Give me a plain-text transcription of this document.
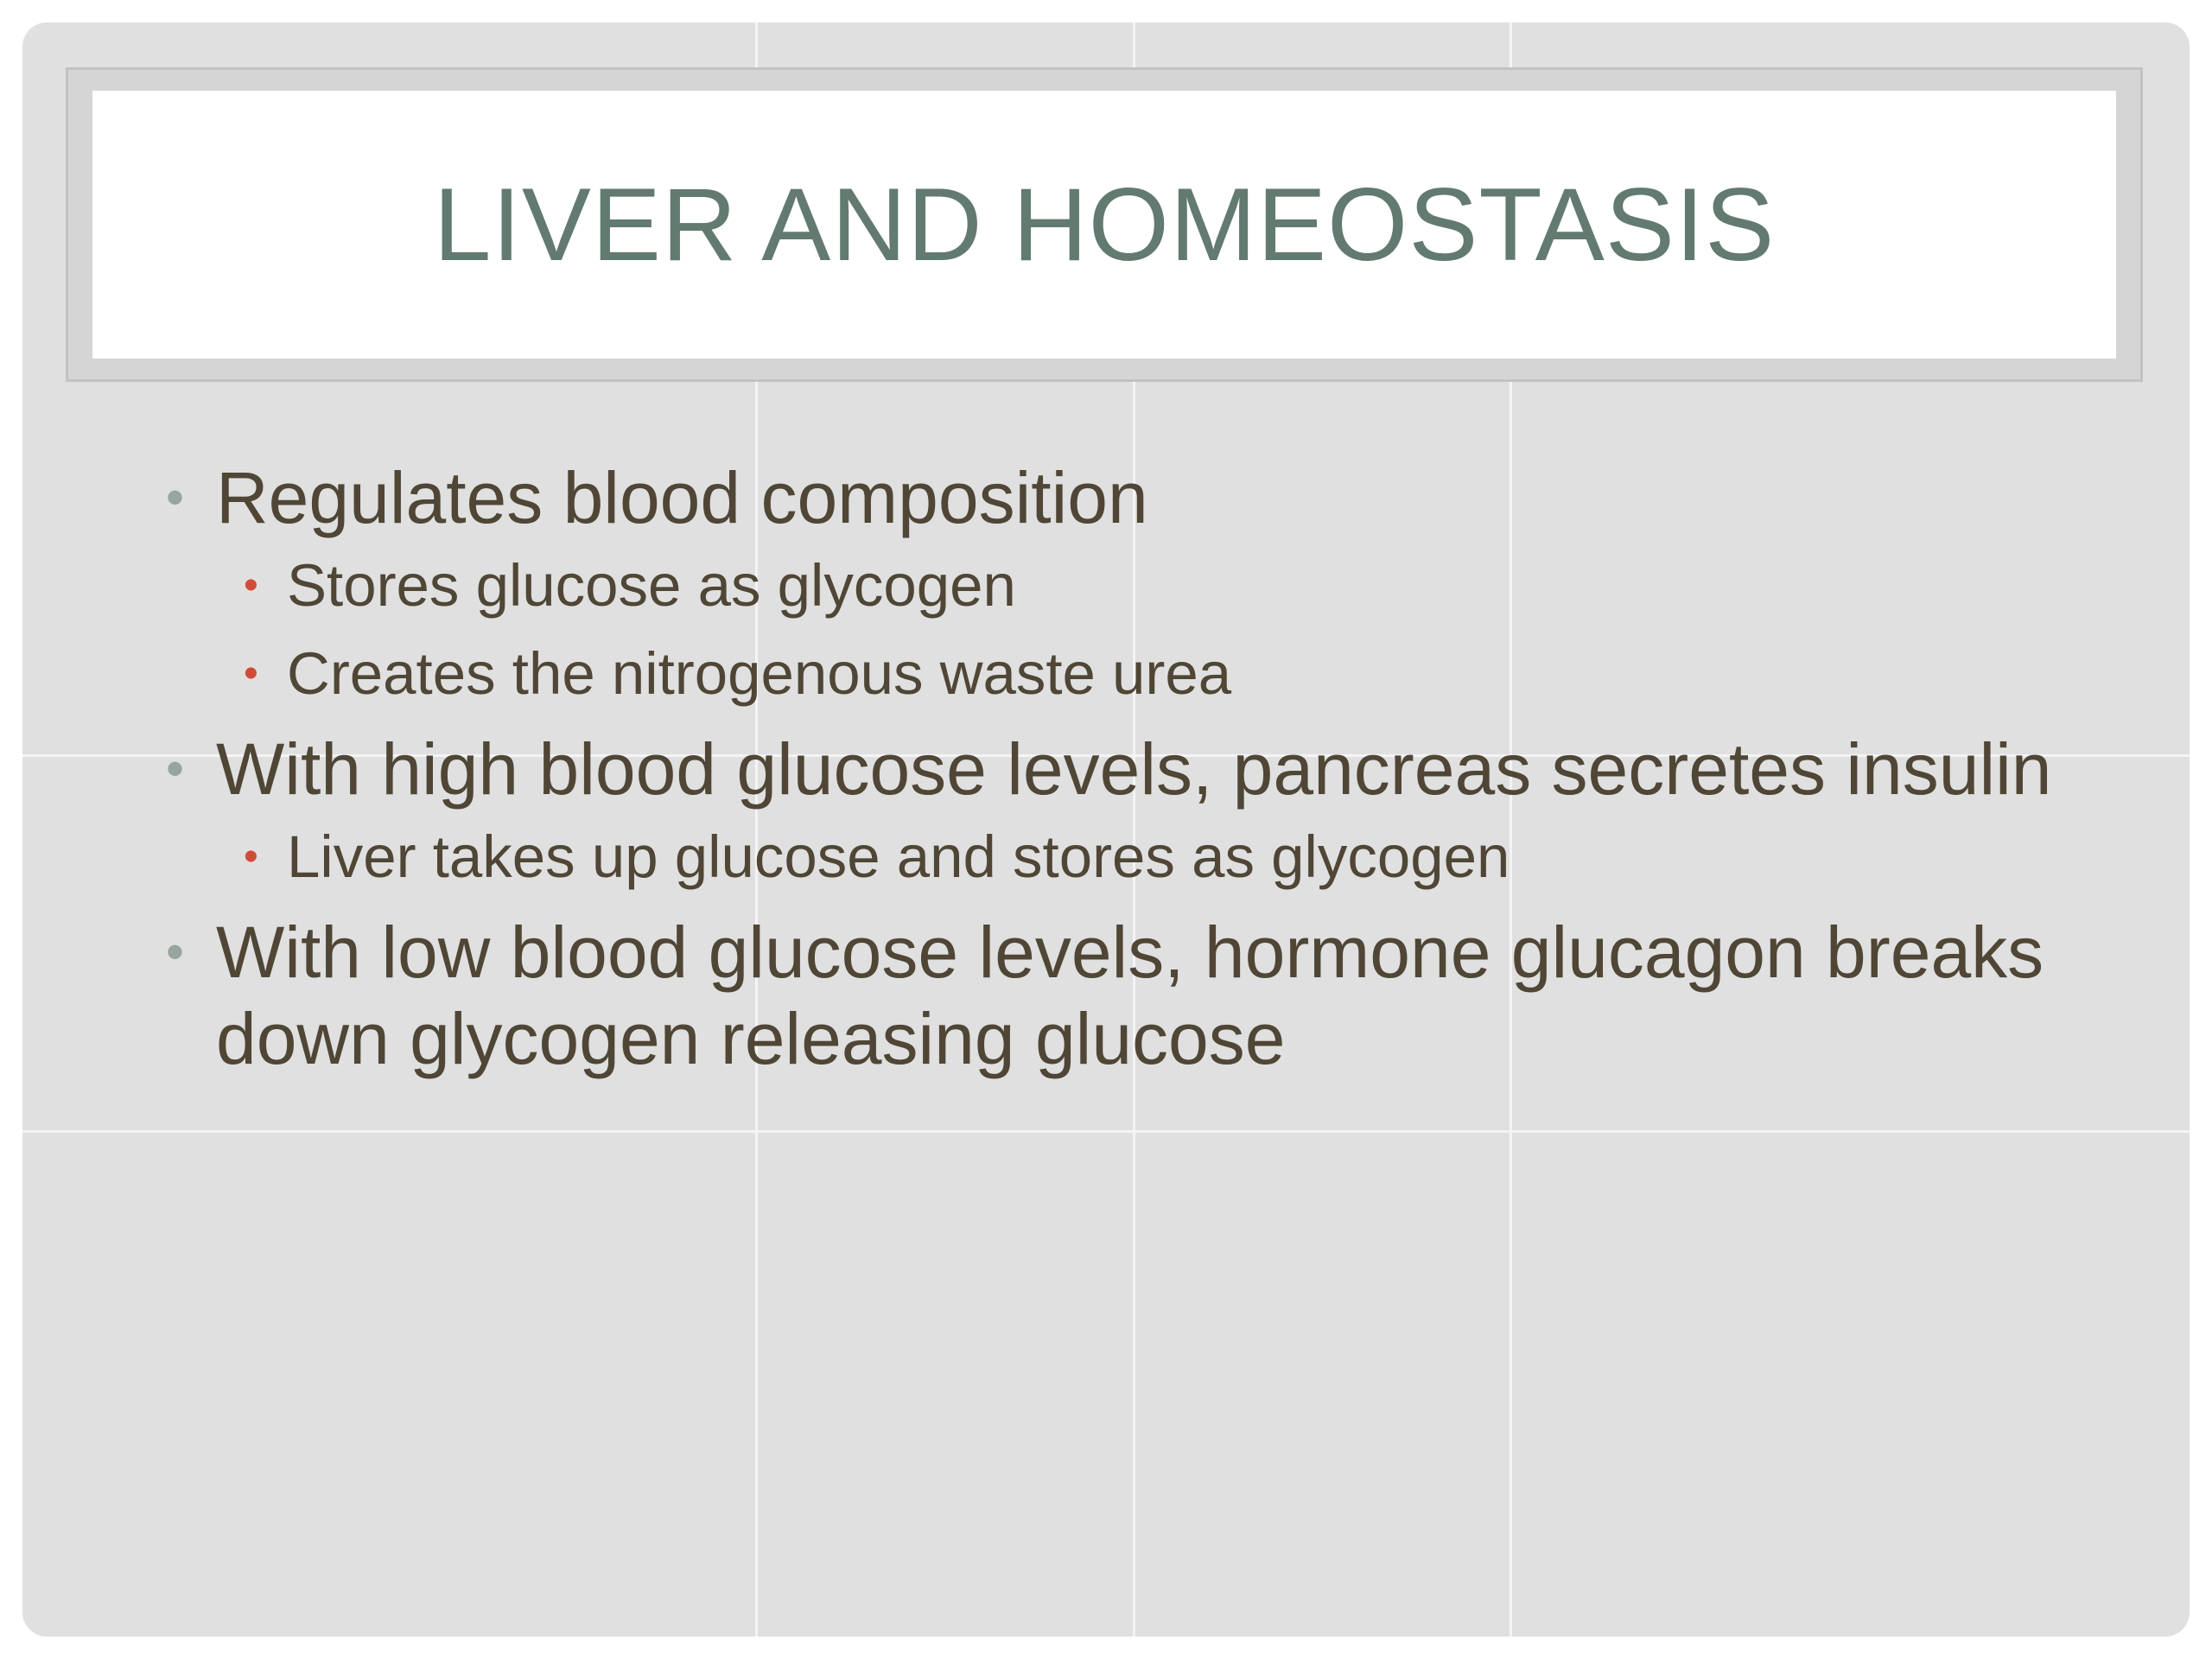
LIVER AND HOMEOSTASIS
• Regulates blood composition
• Stores glucose as glycogen
• Creates the nitrogenous waste urea
• With high blood glucose levels, pancreas secretes insulin
• Liver takes up glucose and stores as glycogen
• With low blood glucose levels, hormone glucagon breaks down glycogen releasing glucose
